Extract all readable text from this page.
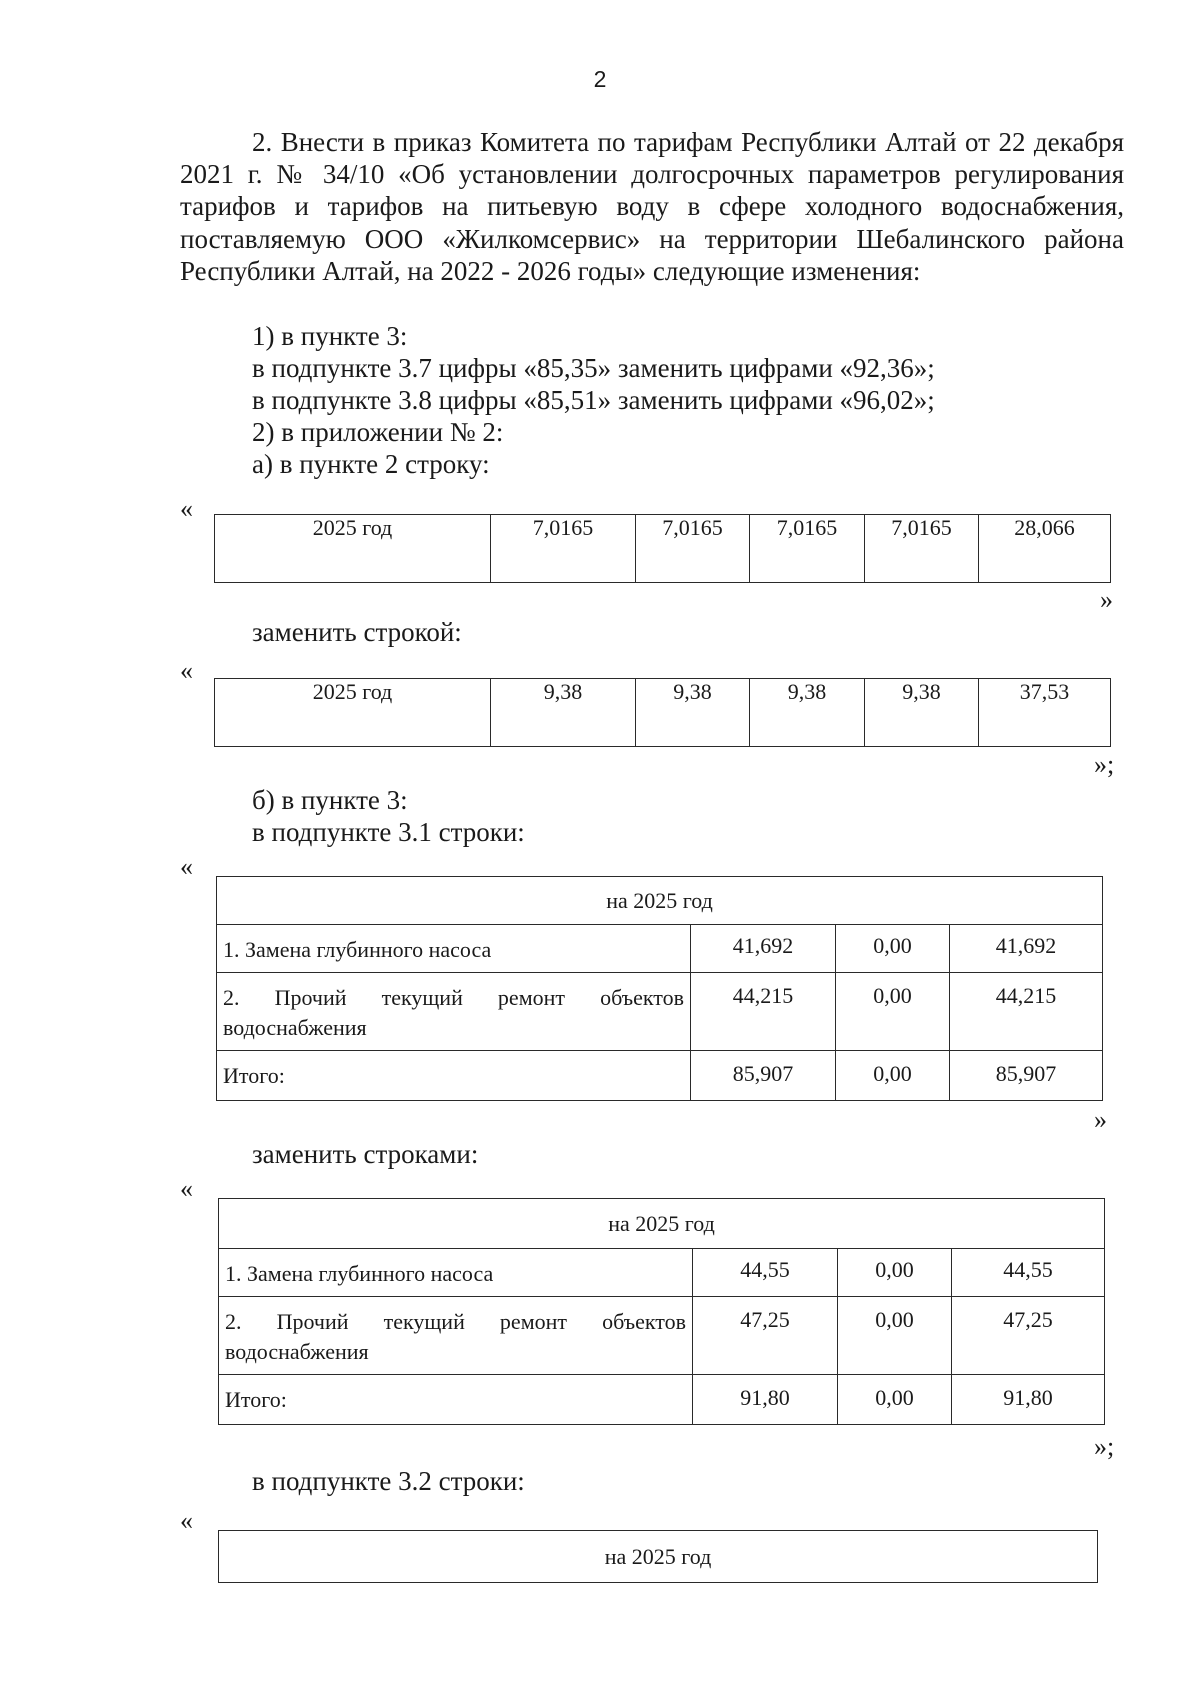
2

2. Внести в приказ Комитета по тарифам Республики Алтай от 22 декабря 2021 г. № 34/10 «Об установлении долгосрочных параметров регулирования тарифов и тарифов на питьевую воду в сфере холодного водоснабжения, поставляемую ООО «Жилкомсервис» на территории Шебалинского района Республики Алтай, на 2022 - 2026 годы» следующие изменения:

1) в пункте 3:

в подпункте 3.7 цифры «85,35» заменить цифрами «92,36»;

в подпункте 3.8 цифры «85,51» заменить цифрами «96,02»;

2) в приложении № 2:

а) в пункте 2 строку:

«
2025 год	7,0165	7,0165	7,0165	7,0165	28,066
»

заменить строкой:

«
2025 год	9,38	9,38	9,38	9,38	37,53
»;

б) в пункте 3:

в подпункте 3.1 строки:

«
на 2025 год			
1. Замена глубинного насоса	41,692	0,00	41,692
2. Прочий текущий ремонт объектов водоснабжения	44,215	0,00	44,215
Итого:	85,907	0,00	85,907
»

заменить строками:

«
на 2025 год			
1. Замена глубинного насоса	44,55	0,00	44,55
2. Прочий текущий ремонт объектов водоснабжения	47,25	0,00	47,25
Итого:	91,80	0,00	91,80
»;

в подпункте 3.2 строки:

«
на 2025 год
